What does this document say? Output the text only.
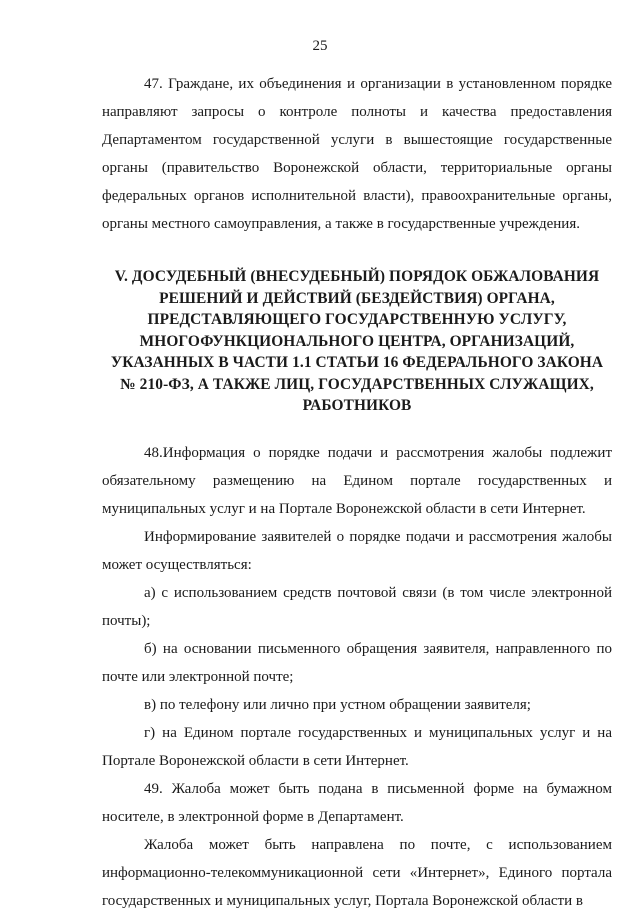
25

47. Граждане, их объединения и организации в установленном порядке направляют запросы о контроле полноты и качества предоставления Департаментом государственной услуги в вышестоящие государственные органы (правительство Воронежской области, территориальные органы федеральных органов исполнительной власти), правоохранительные органы, органы местного самоуправления, а также в государственные учреждения.

V. ДОСУДЕБНЫЙ (ВНЕСУДЕБНЫЙ) ПОРЯДОК ОБЖАЛОВАНИЯ РЕШЕНИЙ И ДЕЙСТВИЙ (БЕЗДЕЙСТВИЯ) ОРГАНА, ПРЕДСТАВЛЯЮЩЕГО ГОСУДАРСТВЕННУЮ УСЛУГУ, МНОГОФУНКЦИОНАЛЬНОГО ЦЕНТРА, ОРГАНИЗАЦИЙ, УКАЗАННЫХ В ЧАСТИ 1.1 СТАТЬИ 16 ФЕДЕРАЛЬНОГО ЗАКОНА № 210-ФЗ, А ТАКЖЕ ЛИЦ, ГОСУДАРСТВЕННЫХ СЛУЖАЩИХ, РАБОТНИКОВ

48.Информация о порядке подачи и рассмотрения жалобы подлежит обязательному размещению на Едином портале государственных и муниципальных услуг и на Портале Воронежской области в сети Интернет.

Информирование заявителей о порядке подачи и рассмотрения жалобы может осуществляться:

а) с использованием средств почтовой связи (в том числе электронной почты);

б) на основании письменного обращения заявителя, направленного по почте или электронной почте;

в) по телефону или лично при устном обращении заявителя;

г) на Едином портале государственных и муниципальных услуг и на Портале Воронежской области в сети Интернет.

49. Жалоба может быть подана в письменной форме на бумажном носителе, в электронной форме в Департамент.

Жалоба может быть направлена по почте, с использованием информационно-телекоммуникационной сети «Интернет», Единого портала государственных и муниципальных услуг, Портала Воронежской области в
